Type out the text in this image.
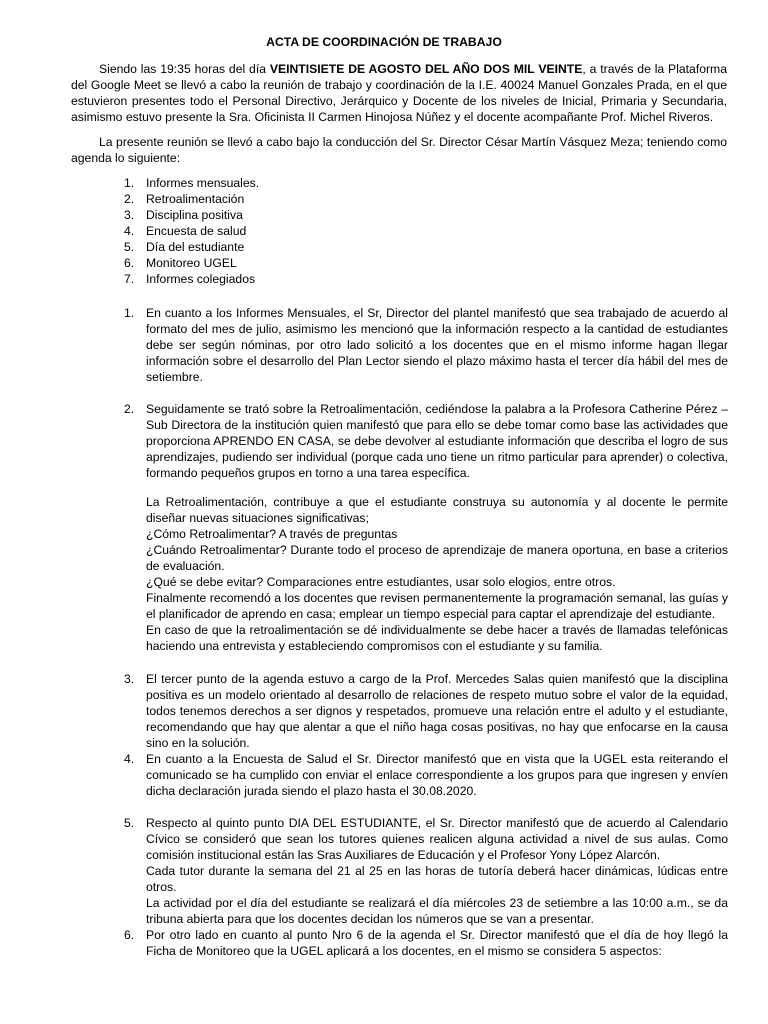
ACTA DE COORDINACIÓN DE TRABAJO

Siendo las 19:35 horas del día VEINTISIETE DE AGOSTO DEL AÑO DOS MIL VEINTE, a través de la Plataforma del Google Meet se llevó a cabo la reunión de trabajo y coordinación de la I.E. 40024 Manuel Gonzales Prada, en el que estuvieron presentes todo el Personal Directivo, Jerárquico y Docente de los niveles de Inicial, Primaria y Secundaria, asimismo estuvo presente la Sra. Oficinista II Carmen Hinojosa Núñez y el docente acompañante Prof. Michel Riveros.

La presente reunión se llevó a cabo bajo la conducción del Sr. Director César Martín Vásquez Meza; teniendo como agenda lo siguiente:

1. Informes mensuales.
2. Retroalimentación
3. Disciplina positiva
4. Encuesta de salud
5. Día del estudiante
6. Monitoreo UGEL
7. Informes colegiados
1. En cuanto a los Informes Mensuales, el Sr, Director del plantel manifestó que sea trabajado de acuerdo al formato del mes de julio, asimismo les mencionó que la información respecto a la cantidad de estudiantes debe ser según nóminas, por otro lado solicitó a los docentes que en el mismo informe hagan llegar información sobre el desarrollo del Plan Lector siendo el plazo máximo hasta el tercer día hábil del mes de setiembre.

2. Seguidamente se trató sobre la Retroalimentación, cediéndose la palabra a la Profesora Catherine Pérez – Sub Directora de la institución quien manifestó que para ello se debe tomar como base las actividades que proporciona APRENDO EN CASA, se debe devolver al estudiante información que describa el logro de sus aprendizajes, pudiendo ser individual (porque cada uno tiene un ritmo particular para aprender) o colectiva, formando pequeños grupos en torno a una tarea específica.

La Retroalimentación, contribuye a que el estudiante construya su autonomía y al docente le permite diseñar nuevas situaciones significativas;

¿Cómo Retroalimentar? A través de preguntas

¿Cuándo Retroalimentar? Durante todo el proceso de aprendizaje de manera oportuna, en base a criterios de evaluación.

¿Qué se debe evitar? Comparaciones entre estudiantes, usar solo elogios, entre otros.

Finalmente recomendó a los docentes que revisen permanentemente la programación semanal, las guías y el planificador de aprendo en casa; emplear un tiempo especial para captar el aprendizaje del estudiante.

En caso de que la retroalimentación se dé individualmente se debe hacer a través de llamadas telefónicas haciendo una entrevista y estableciendo compromisos con el estudiante y su familia.

3. El tercer punto de la agenda estuvo a cargo de la Prof. Mercedes Salas quien manifestó que la disciplina positiva es un modelo orientado al desarrollo de relaciones de respeto mutuo sobre el valor de la equidad, todos tenemos derechos a ser dignos y respetados, promueve una relación entre el adulto y el estudiante, recomendando que hay que alentar a que el niño haga cosas positivas, no hay que enfocarse en la causa sino en la solución.

4. En cuanto a la Encuesta de Salud el Sr. Director manifestó que en vista que la UGEL esta reiterando el comunicado se ha cumplido con enviar el enlace correspondiente a los grupos para que ingresen y envíen dicha declaración jurada siendo el plazo hasta el 30.08.2020.

5. Respecto al quinto punto DIA DEL ESTUDIANTE, el Sr. Director manifestó que de acuerdo al Calendario Cívico se consideró que sean los tutores quienes realicen alguna actividad a nivel de sus aulas. Como comisión institucional están las Sras Auxiliares de Educación y el Profesor Yony López Alarcón.

Cada tutor durante la semana del 21 al 25 en las horas de tutoría deberá hacer dinámicas, lúdicas entre otros.

La actividad por el día del estudiante se realizará el día miércoles 23 de setiembre a las 10:00 a.m., se da tribuna abierta para que los docentes decidan los números que se van a presentar.

6. Por otro lado en cuanto al punto Nro 6 de la agenda el Sr. Director manifestó que el día de hoy llegó la Ficha de Monitoreo que la UGEL aplicará a los docentes, en el mismo se considera 5 aspectos:
